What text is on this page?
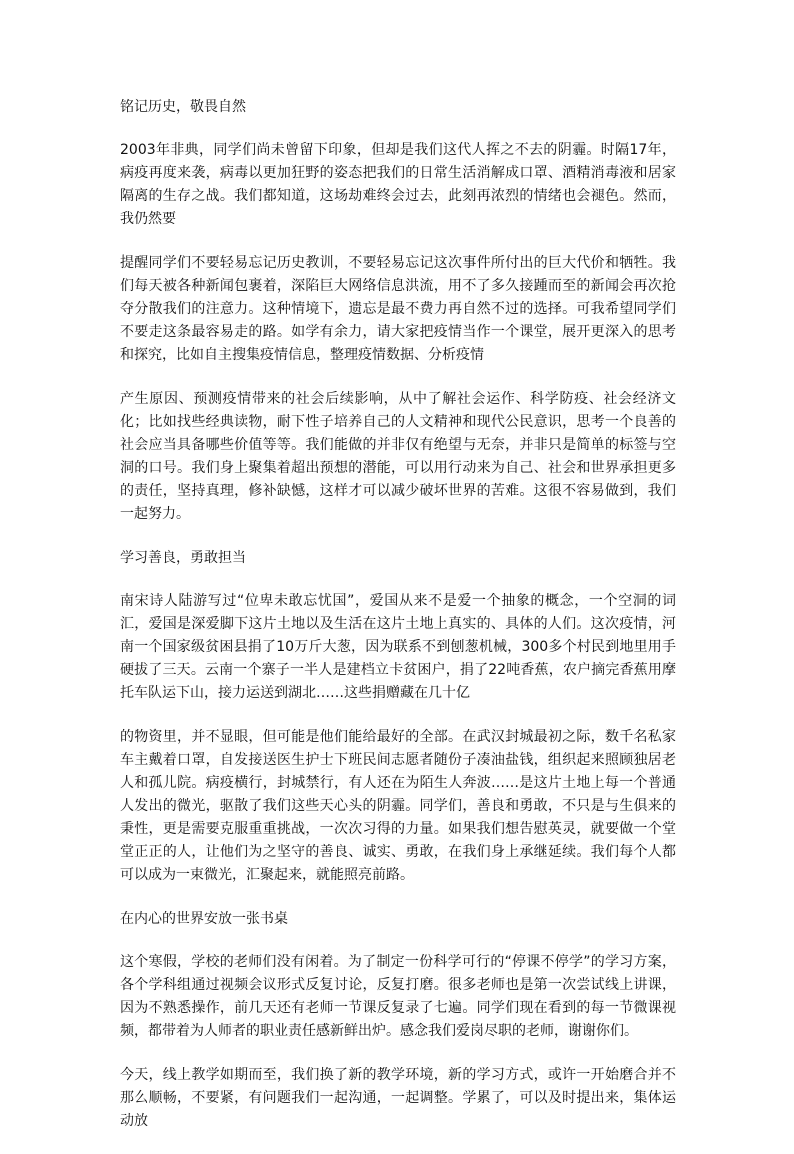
铭记历史，敬畏自然

2003年非典，同学们尚未曾留下印象，但却是我们这代人挥之不去的阴霾。时隔17年，病疫再度来袭，病毒以更加狂野的姿态把我们的日常生活消解成口罩、酒精消毒液和居家隔离的生存之战。我们都知道，这场劫难终会过去，此刻再浓烈的情绪也会褪色。然而，我仍然要

提醒同学们不要轻易忘记历史教训，不要轻易忘记这次事件所付出的巨大代价和牺牲。我们每天被各种新闻包裹着，深陷巨大网络信息洪流，用不了多久接踵而至的新闻会再次抢夺分散我们的注意力。这种情境下，遗忘是最不费力再自然不过的选择。可我希望同学们不要走这条最容易走的路。如学有余力，请大家把疫情当作一个课堂，展开更深入的思考和探究，比如自主搜集疫情信息，整理疫情数据、分析疫情

产生原因、预测疫情带来的社会后续影响，从中了解社会运作、科学防疫、社会经济文化；比如找些经典读物，耐下性子培养自己的人文精神和现代公民意识，思考一个良善的社会应当具备哪些价值等等。我们能做的并非仅有绝望与无奈，并非只是简单的标签与空洞的口号。我们身上聚集着超出预想的潜能，可以用行动来为自己、社会和世界承担更多的责任，坚持真理，修补缺憾，这样才可以减少破坏世界的苦难。这很不容易做到，我们一起努力。

学习善良，勇敢担当

南宋诗人陆游写过“位卑未敢忘忧国”，爱国从来不是爱一个抽象的概念，一个空洞的词汇，爱国是深爱脚下这片土地以及生活在这片土地上真实的、具体的人们。这次疫情，河南一个国家级贫困县捐了10万斤大葱，因为联系不到刨葱机械，300多个村民到地里用手硬拔了三天。云南一个寨子一半人是建档立卡贫困户，捐了22吨香蕉，农户摘完香蕉用摩托车队运下山，接力运送到湖北……这些捐赠藏在几十亿

的物资里，并不显眼，但可能是他们能给最好的全部。在武汉封城最初之际，数千名私家车主戴着口罩，自发接送医生护士下班民间志愿者随份子凑油盐钱，组织起来照顾独居老人和孤儿院。病疫横行，封城禁行，有人还在为陌生人奔波……是这片土地上每一个普通人发出的微光，驱散了我们这些天心头的阴霾。同学们，善良和勇敢，不只是与生俱来的秉性，更是需要克服重重挑战，一次次习得的力量。如果我们想告慰英灵，就要做一个堂堂正正的人，让他们为之坚守的善良、诚实、勇敢，在我们身上承继延续。我们每个人都可以成为一束微光，汇聚起来，就能照亮前路。

在内心的世界安放一张书桌

这个寒假，学校的老师们没有闲着。为了制定一份科学可行的“停课不停学”的学习方案，各个学科组通过视频会议形式反复讨论，反复打磨。很多老师也是第一次尝试线上讲课，因为不熟悉操作，前几天还有老师一节课反复录了七遍。同学们现在看到的每一节微课视频，都带着为人师者的职业责任感新鲜出炉。感念我们爱岗尽职的老师，谢谢你们。

今天，线上教学如期而至，我们换了新的教学环境，新的学习方式，或许一开始磨合并不那么顺畅，不要紧，有问题我们一起沟通，一起调整。学累了，可以及时提出来，集体运动放
